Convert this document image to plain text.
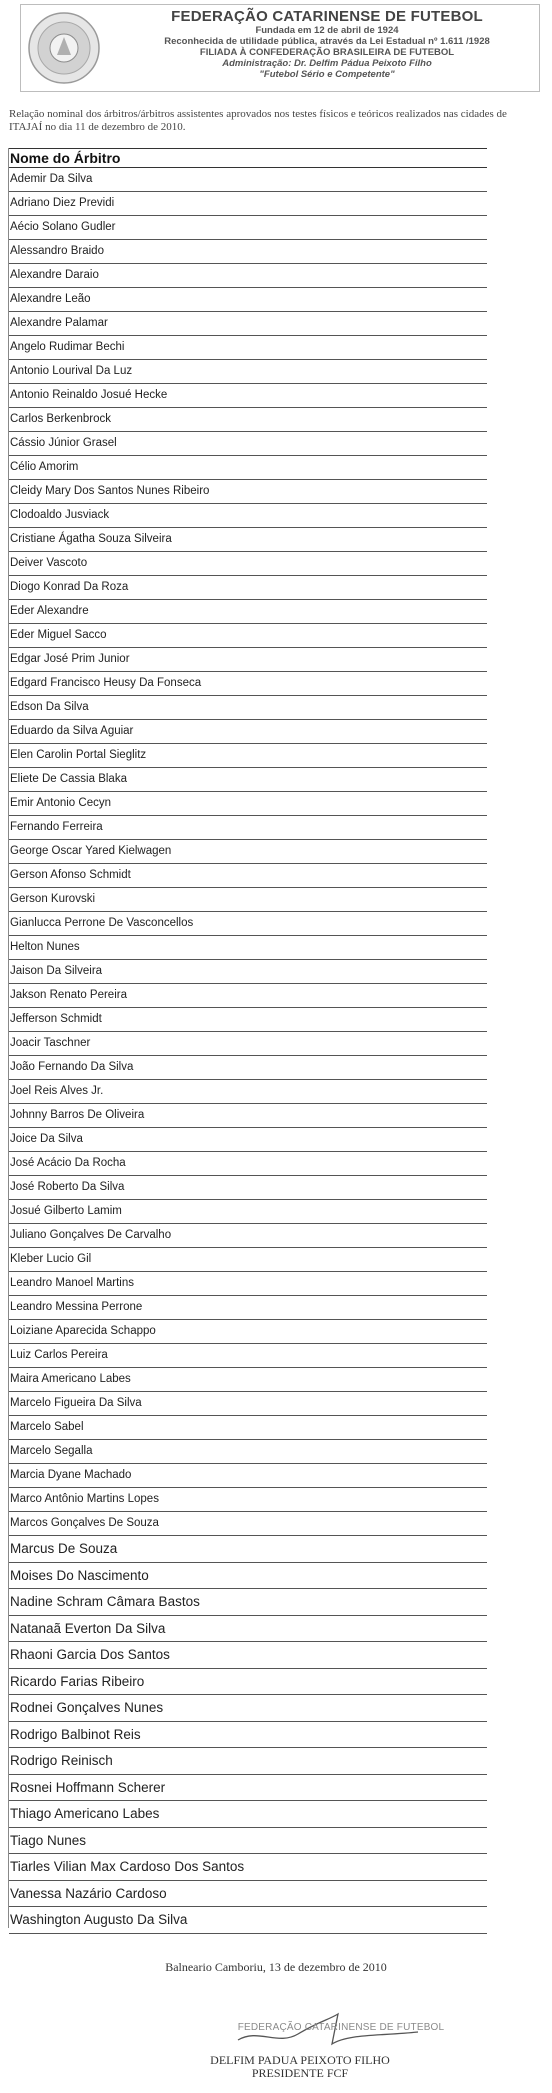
FEDERAÇÃO CATARINENSE DE FUTEBOL
Fundada em 12 de abril de 1924
Reconhecida de utilidade pública, através da Lei Estadual nº 1.611 /1928
FILIADA À CONFEDERAÇÃO BRASILEIRA DE FUTEBOL
Administração: Dr. Delfim Pádua Peixoto Filho
"Futebol Sério e Competente"
Relação nominal dos árbitros/árbitros assistentes aprovados nos testes físicos e teóricos realizados nas cidades de ITAJAÍ no dia 11 de dezembro de 2010.
Nome do Árbitro
Ademir Da Silva
Adriano Diez Previdi
Aécio Solano Gudler
Alessandro Braido
Alexandre Daraio
Alexandre Leão
Alexandre Palamar
Angelo Rudimar Bechi
Antonio Lourival Da Luz
Antonio Reinaldo Josué Hecke
Carlos Berkenbrock
Cássio Júnior Grasel
Célio Amorim
Cleidy Mary Dos Santos Nunes Ribeiro
Clodoaldo Jusviack
Cristiane Ágatha Souza Silveira
Deiver Vascoto
Diogo Konrad Da Roza
Eder Alexandre
Eder Miguel Sacco
Edgar José Prim Junior
Edgard Francisco Heusy Da Fonseca
Edson Da Silva
Eduardo da Silva Aguiar
Elen Carolin Portal Sieglitz
Eliete De Cassia Blaka
Emir Antonio Cecyn
Fernando Ferreira
George Oscar Yared Kielwagen
Gerson Afonso Schmidt
Gerson Kurovski
Gianlucca Perrone De Vasconcellos
Helton Nunes
Jaison Da Silveira
Jakson Renato Pereira
Jefferson Schmidt
Joacir Taschner
João Fernando Da Silva
Joel Reis Alves Jr.
Johnny Barros De Oliveira
Joice Da Silva
José Acácio Da Rocha
José Roberto Da Silva
Josué Gilberto Lamim
Juliano Gonçalves De Carvalho
Kleber Lucio Gil
Leandro Manoel Martins
Leandro Messina Perrone
Loiziane Aparecida Schappo
Luiz Carlos Pereira
Maira Americano Labes
Marcelo Figueira Da Silva
Marcelo Sabel
Marcelo Segalla
Marcia Dyane Machado
Marco Antônio Martins Lopes
Marcos Gonçalves De Souza
Marcus De Souza
Moises Do Nascimento
Nadine Schram Câmara Bastos
Natanaã Everton Da Silva
Rhaoni Garcia Dos Santos
Ricardo Farias Ribeiro
Rodnei Gonçalves Nunes
Rodrigo Balbinot Reis
Rodrigo Reinisch
Rosnei Hoffmann Scherer
Thiago Americano Labes
Tiago Nunes
Tiarles Vilian Max Cardoso Dos Santos
Vanessa Nazário Cardoso
Washington Augusto Da Silva
Balneario Camboriu, 13 de dezembro de 2010
FEDERAÇÃO CATARINENSE DE FUTEBOL
DELFIM PADUA PEIXOTO FILHO
PRESIDENTE FCF
